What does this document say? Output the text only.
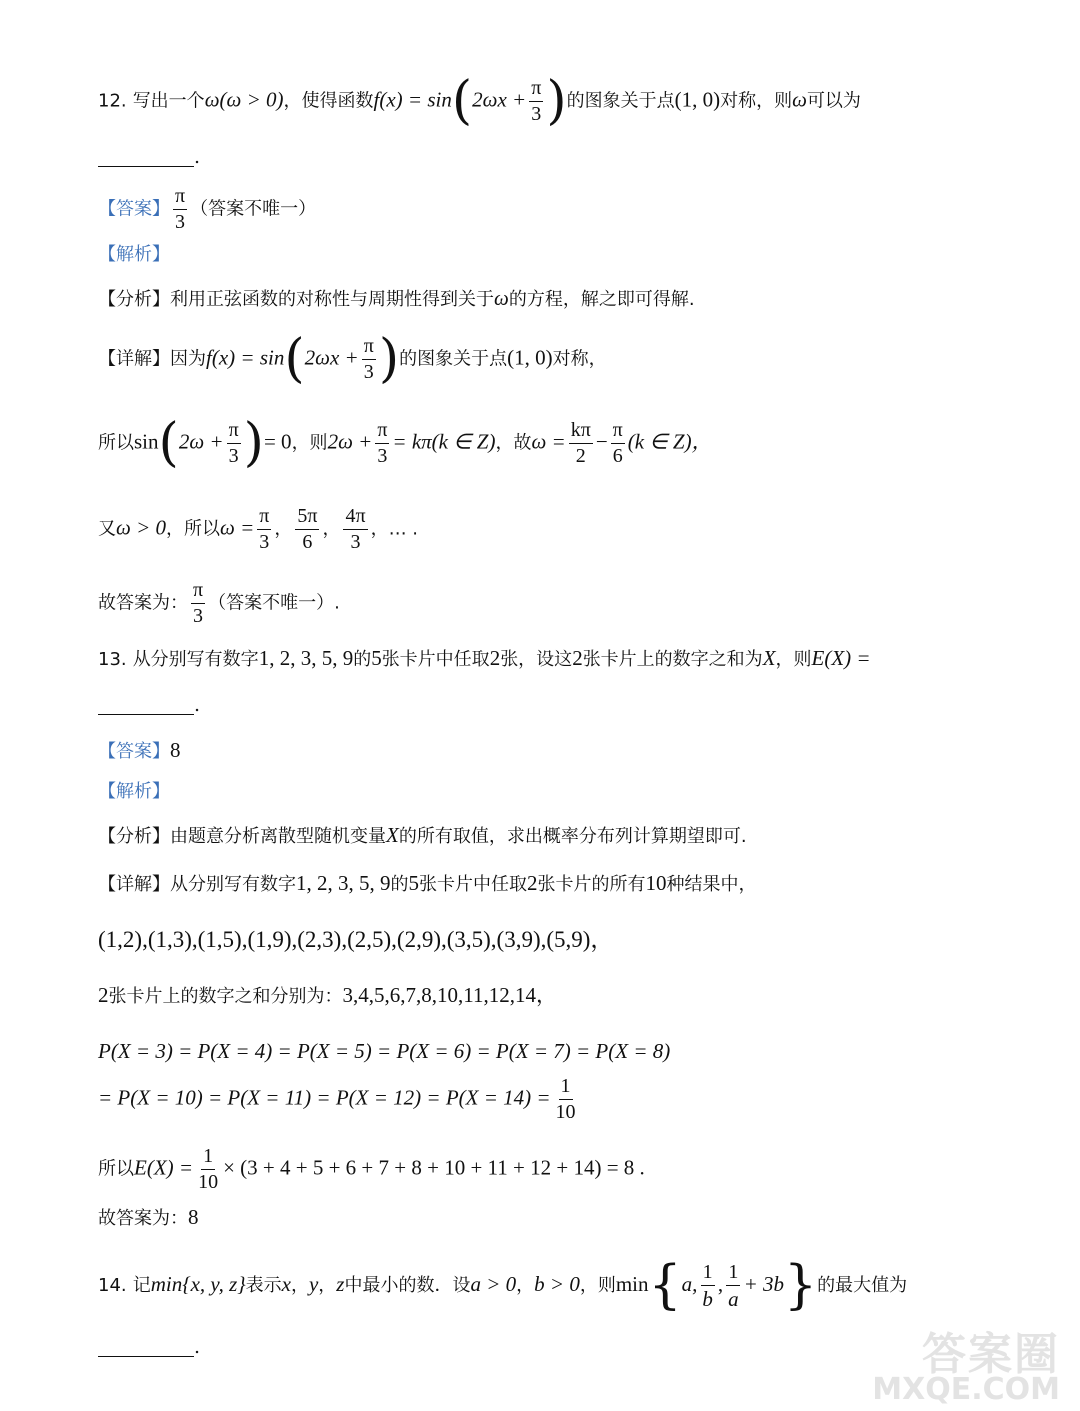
12. 写出一个ω(ω > 0)，使得函数$f(x) = \sin(2\omega x + \frac{\pi}{3}$ )的图象关于点(1, 0)对称，则ω可以为
.
【答案】 $\frac{\pi}{3}$ （答案不唯一）
【解析】
【分析】利用正弦函数的对称性与周期性得到关于ω的方程，解之即可得解.
【详解】因为$f(x) = \sin(2\omega x + \frac{\pi}{3}$ )的图象关于点(1, 0)对称，
所以$\sin(2\omega + \frac{\pi}{3}$ )= 0，则$2\omega + \frac{\pi}{3} = k\pi(k$ ∈ Z)，故$\omega = \frac{k\pi}{2} - \frac{\pi}{6} (k$ ∈ Z)，
又ω > 0，所以$\omega = \frac{\pi}{3}$ ， $\frac{5\pi}{6}$ ， $\frac{4\pi}{3}$ ，… .
故答案为： $\frac{\pi}{3}$ （答案不唯一）.
13. 从分别写有数字1, 2, 3, 5, 9的5张卡片中任取2张，设这2张卡片上的数字之和为X，则E(X) =
.
【答案】8
【解析】
【分析】由题意分析离散型随机变量X的所有取值，求出概率分布列计算期望即可.
【详解】从分别写有数字1, 2, 3, 5, 9的5张卡片中任取2张卡片的所有10种结果中，
(1,2),(1,3),(1,5),(1,9),(2,3),(2,5),(2,9),(3,5),(3,9),(5,9)，
2张卡片上的数字之和分别为：3,4,5,6,7,8,10,11,12,14，
P(X = 3) = P(X = 4) = P(X = 5) = P(X = 6) = P(X = 7) = P(X = 8)
= $P(X = 10) = P(X = 11) = P(X = 12) = P(X = 14) = \frac{1}{10}$
所以$E(X) = \frac{1}{10} \times (3 + 4 + 5 + 6 + 7 + 8 + 10 + 11 + 12 + 14) = 8$ .
故答案为：8
14. 记min{x, y, z}表示x，y，z中最小的数．设a > 0，b > 0，则min{a, $\frac{1}{b}$ , $\frac{1}{a} + 3b$}的最大值为
.	答案圈
MXQE.COM
